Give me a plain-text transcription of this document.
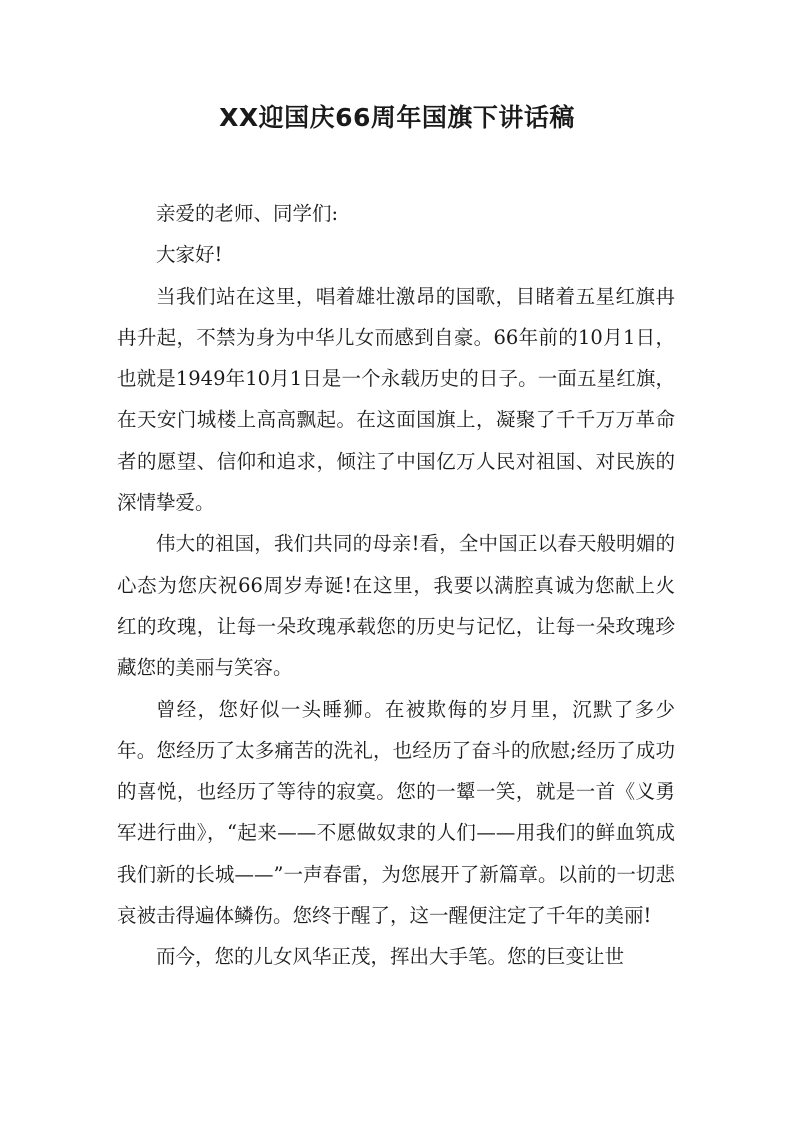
XX迎国庆66周年国旗下讲话稿

亲爱的老师、同学们:

大家好!

当我们站在这里，唱着雄壮激昂的国歌，目睹着五星红旗冉冉升起，不禁为身为中华儿女而感到自豪。66年前的10月1日，也就是1949年10月1日是一个永载历史的日子。一面五星红旗，在天安门城楼上高高飘起。在这面国旗上，凝聚了千千万万革命者的愿望、信仰和追求，倾注了中国亿万人民对祖国、对民族的深情挚爱。

伟大的祖国，我们共同的母亲!看，全中国正以春天般明媚的心态为您庆祝66周岁寿诞!在这里，我要以满腔真诚为您献上火红的玫瑰，让每一朵玫瑰承载您的历史与记忆，让每一朵玫瑰珍藏您的美丽与笑容。

曾经，您好似一头睡狮。在被欺侮的岁月里，沉默了多少年。您经历了太多痛苦的洗礼，也经历了奋斗的欣慰;经历了成功的喜悦，也经历了等待的寂寞。您的一颦一笑，就是一首《义勇军进行曲》，“起来——不愿做奴隶的人们——用我们的鲜血筑成我们新的长城——”一声春雷，为您展开了新篇章。以前的一切悲哀被击得遍体鳞伤。您终于醒了，这一醒便注定了千年的美丽!

而今，您的儿女风华正茂，挥出大手笔。您的巨变让世
